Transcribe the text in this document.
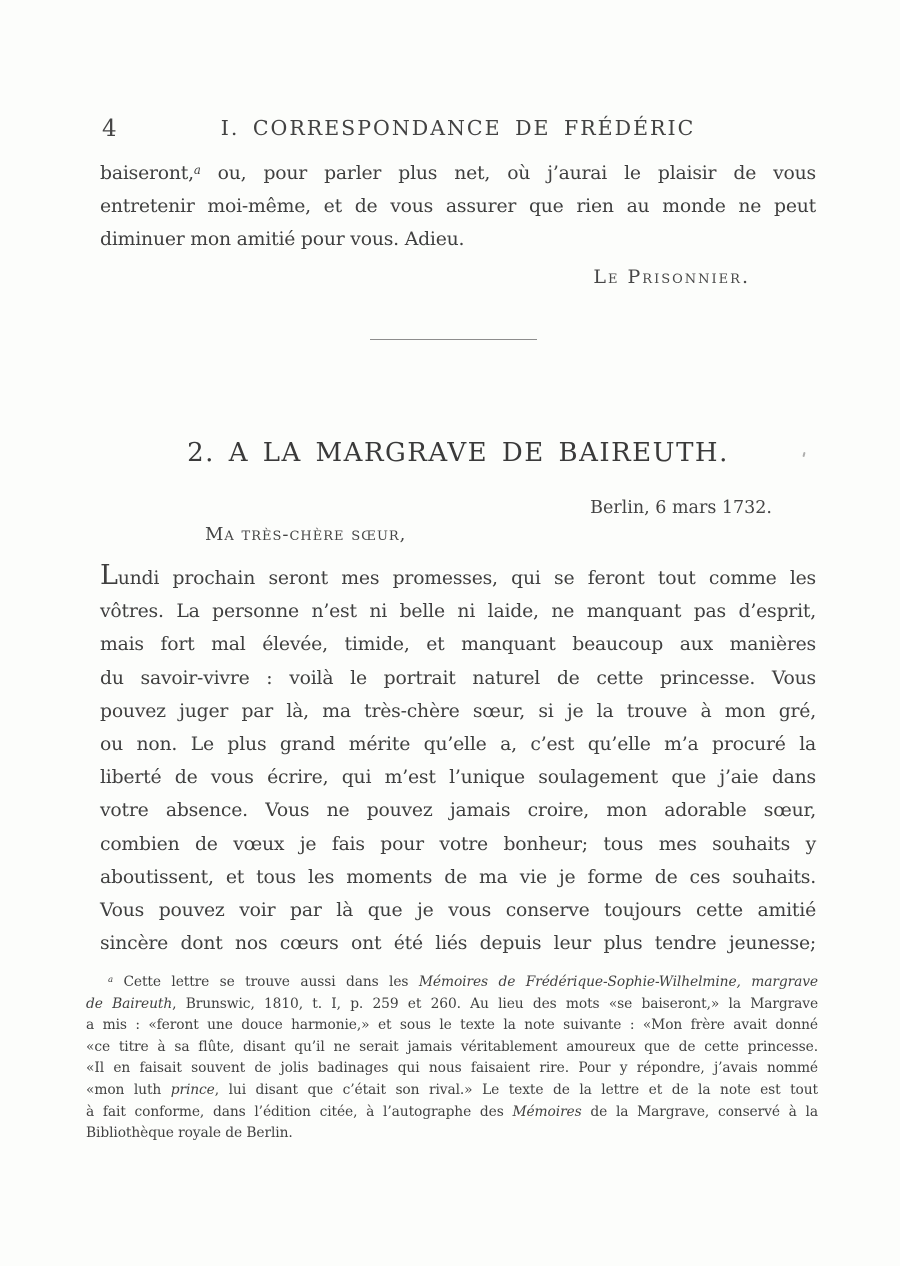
4	I. CORRESPONDANCE DE FRÉDÉRIC
baiseront,$^a$ ou, pour parler plus net, où j’aurai le plaisir de vous
entretenir moi-même, et de vous assurer que rien au monde ne peut
diminuer mon amitié pour vous. Adieu.
Le Prisonnier.
2. A LA MARGRAVE DE BAIREUTH.
Berlin, 6 mars 1732.
Ma très-chère sœur,
Lundi prochain seront mes promesses, qui se feront tout comme les
vôtres. La personne n’est ni belle ni laide, ne manquant pas d’esprit,
mais fort mal élevée, timide, et manquant beaucoup aux manières
du savoir-vivre : voilà le portrait naturel de cette princesse. Vous
pouvez juger par là, ma très-chère sœur, si je la trouve à mon gré,
ou non. Le plus grand mérite qu’elle a, c’est qu’elle m’a procuré la
liberté de vous écrire, qui m’est l’unique soulagement que j’aie dans
votre absence. Vous ne pouvez jamais croire, mon adorable sœur,
combien de vœux je fais pour votre bonheur; tous mes souhaits y
aboutissent, et tous les moments de ma vie je forme de ces souhaits.
Vous pouvez voir par là que je vous conserve toujours cette amitié
sincère dont nos cœurs ont été liés depuis leur plus tendre jeunesse;
$^a$ Cette lettre se trouve aussi dans les Mémoires de Frédérique-Sophie-Wilhelmine, margrave
de Baireuth, Brunswic, 1810, t. I, p. 259 et 260. Au lieu des mots «se baiseront,» la Margrave
a mis : «feront une douce harmonie,» et sous le texte la note suivante : «Mon frère avait donné
«ce titre à sa flûte, disant qu’il ne serait jamais véritablement amoureux que de cette princesse.
«Il en faisait souvent de jolis badinages qui nous faisaient rire. Pour y répondre, j’avais nommé
«mon luth prince, lui disant que c’était son rival.» Le texte de la lettre et de la note est tout
à fait conforme, dans l’édition citée, à l’autographe des Mémoires de la Margrave, conservé à la
Bibliothèque royale de Berlin.
